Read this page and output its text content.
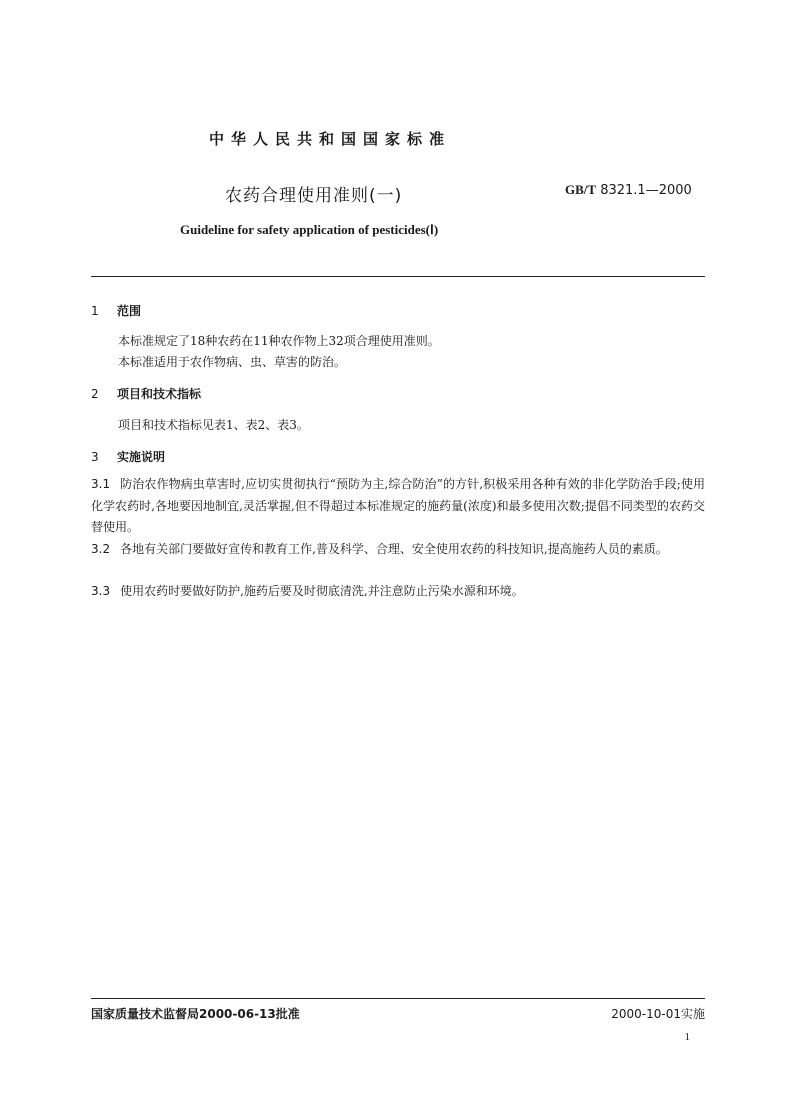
中华人民共和国国家标准
农药合理使用准则(一)	GB/T 8321.1—2000
Guideline for safety application of pesticides(Ⅰ)
1 范围
本标准规定了18种农药在11种农作物上32项合理使用准则。
本标准适用于农作物病、虫、草害的防治。
2 项目和技术指标
项目和技术指标见表1、表2、表3。
3 实施说明
3.1 防治农作物病虫草害时,应切实贯彻执行“预防为主,综合防治”的方针,积极采用各种有效的非化学防治手段;使用化学农药时,各地要因地制宜,灵活掌握,但不得超过本标准规定的施药量(浓度)和最多使用次数;提倡不同类型的农药交替使用。
3.2 各地有关部门要做好宣传和教育工作,普及科学、合理、安全使用农药的科技知识,提高施药人员的素质。
3.3 使用农药时要做好防护,施药后要及时彻底清洗,并注意防止污染水源和环境。
国家质量技术监督局2000-06-13批准	2000-10-01实施
1
